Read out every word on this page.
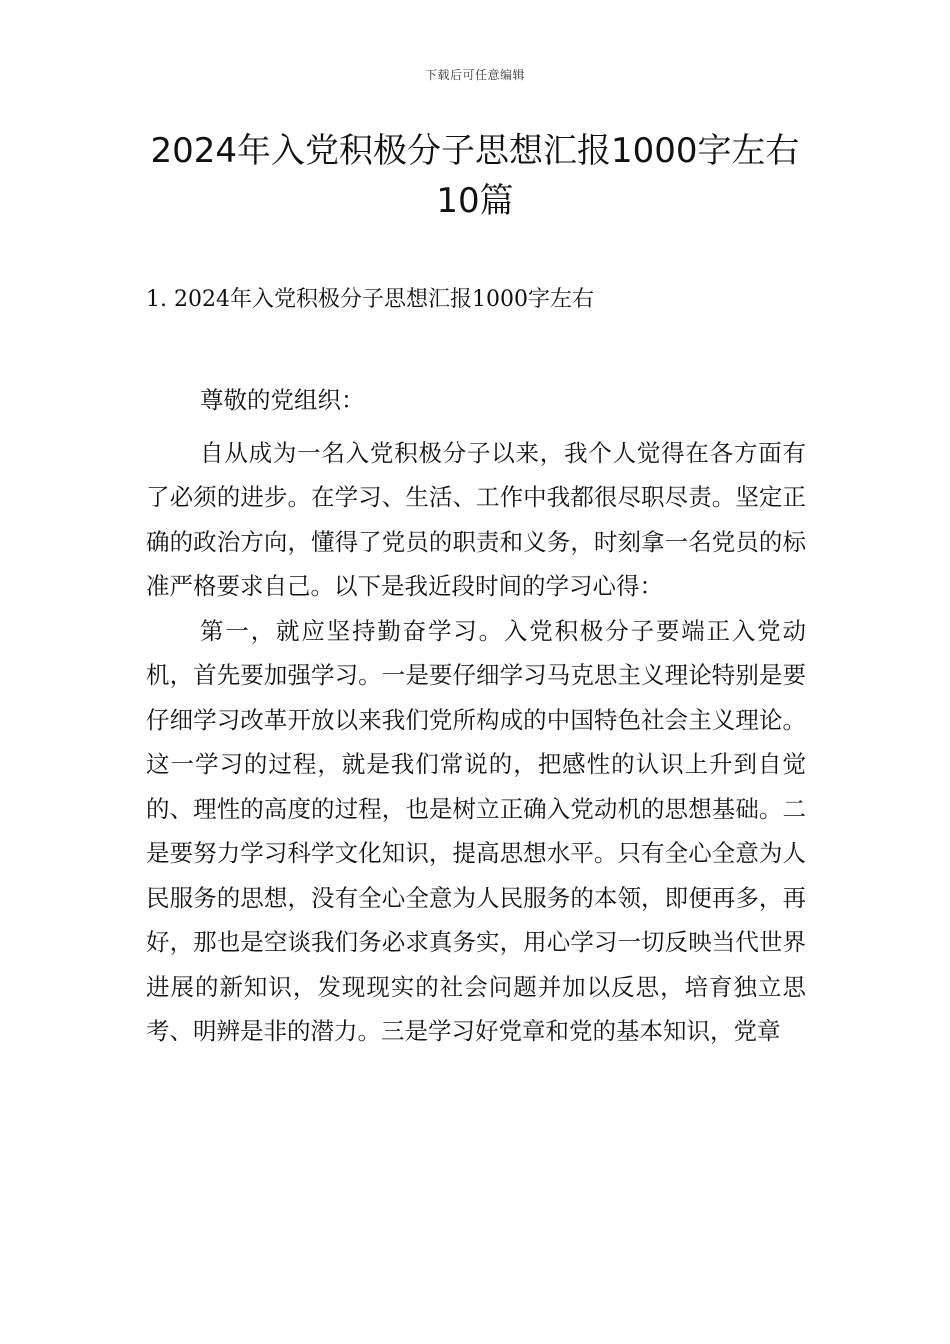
下载后可任意编辑
2024年入党积极分子思想汇报1000字左右
10篇
1. 2024年入党积极分子思想汇报1000字左右

尊敬的党组织：

自从成为一名入党积极分子以来，我个人觉得在各方面有了必须的进步。在学习、生活、工作中我都很尽职尽责。坚定正确的政治方向，懂得了党员的职责和义务，时刻拿一名党员的标准严格要求自己。以下是我近段时间的学习心得：

第一，就应坚持勤奋学习。入党积极分子要端正入党动机，首先要加强学习。一是要仔细学习马克思主义理论特别是要仔细学习改革开放以来我们党所构成的中国特色社会主义理论。这一学习的过程，就是我们常说的，把感性的认识上升到自觉的、理性的高度的过程，也是树立正确入党动机的思想基础。二是要努力学习科学文化知识，提高思想水平。只有全心全意为人民服务的思想，没有全心全意为人民服务的本领，即便再多，再好，那也是空谈我们务必求真务实，用心学习一切反映当代世界进展的新知识，发现现实的社会问题并加以反思，培育独立思考、明辨是非的潜力。三是学习好党章和党的基本知识，党章
